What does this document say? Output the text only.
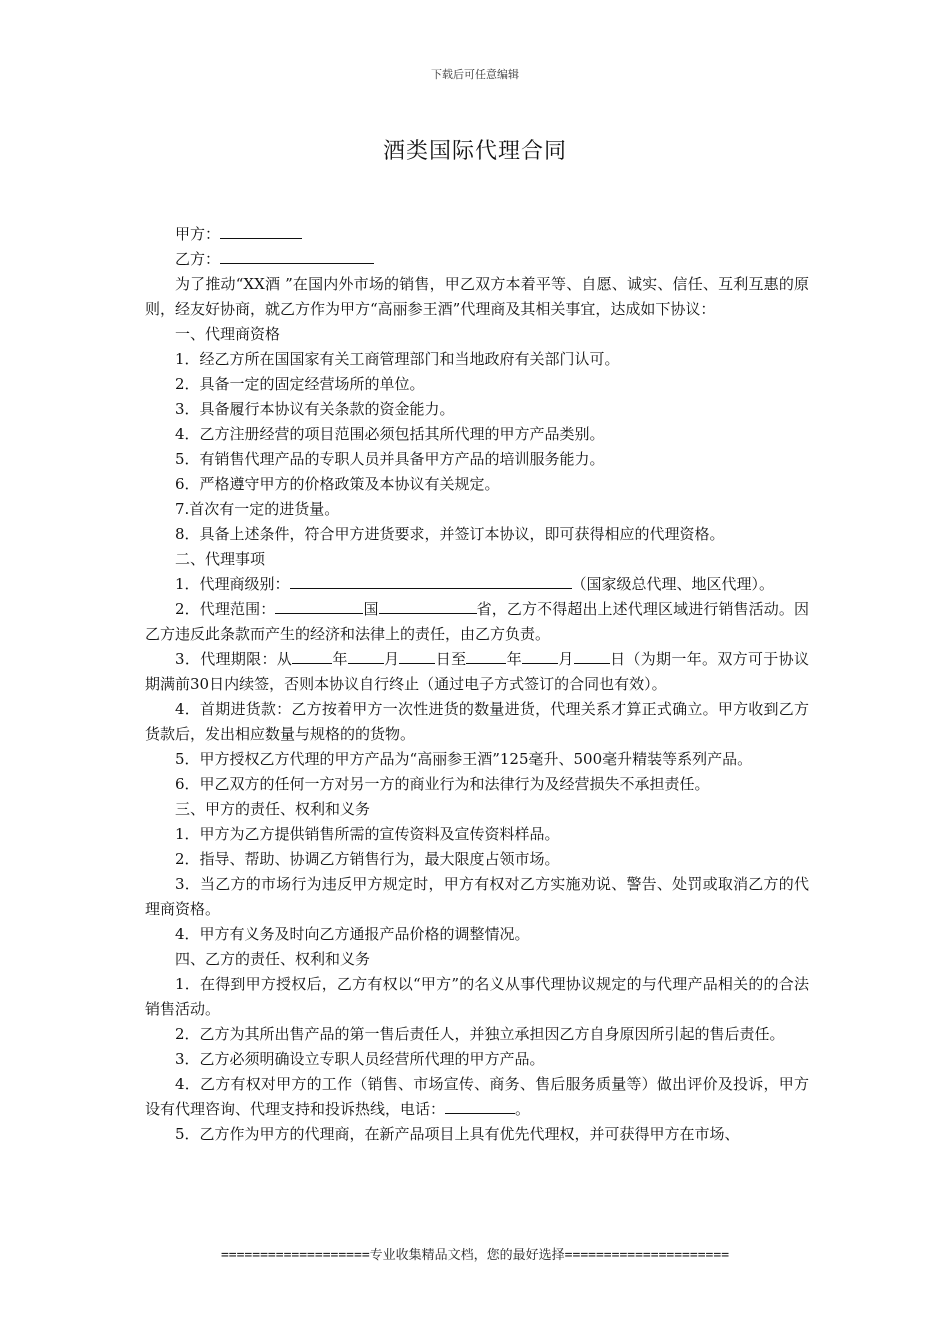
下载后可任意编辑
酒类国际代理合同

甲方：

乙方：

为了推动“XX酒 ”在国内外市场的销售，甲乙双方本着平等、自愿、诚实、信任、互利互惠的原则，经友好协商，就乙方作为甲方“高丽参王酒”代理商及其相关事宜，达成如下协议：

一、代理商资格

1．经乙方所在国国家有关工商管理部门和当地政府有关部门认可。

2．具备一定的固定经营场所的单位。

3．具备履行本协议有关条款的资金能力。

4．乙方注册经营的项目范围必须包括其所代理的甲方产品类别。

5．有销售代理产品的专职人员并具备甲方产品的培训服务能力。

6．严格遵守甲方的价格政策及本协议有关规定。

7.首次有一定的进货量。

8．具备上述条件，符合甲方进货要求，并签订本协议，即可获得相应的代理资格。

二、代理事项

1．代理商级别：	（国家级总代理、地区代理）。

2．代理范围：	国	省，乙方不得超出上述代理区域进行销售活动。因乙方违反此条款而产生的经济和法律上的责任，由乙方负责。

3．代理期限：从	年 月 日至	年 月 日（为期一年。双方可于协议期满前30日内续签，否则本协议自行终止（通过电子方式签订的合同也有效）。

4．首期进货款：乙方按着甲方一次性进货的数量进货，代理关系才算正式确立。甲方收到乙方货款后，发出相应数量与规格的的货物。

5．甲方授权乙方代理的甲方产品为“高丽参王酒”125毫升、500毫升精装等系列产品。

6．甲乙双方的任何一方对另一方的商业行为和法律行为及经营损失不承担责任。

三、甲方的责任、权利和义务

1．甲方为乙方提供销售所需的宣传资料及宣传资料样品。

2．指导、帮助、协调乙方销售行为，最大限度占领市场。

3．当乙方的市场行为违反甲方规定时，甲方有权对乙方实施劝说、警告、处罚或取消乙方的代理商资格。

4．甲方有义务及时向乙方通报产品价格的调整情况。

四、乙方的责任、权利和义务

1．在得到甲方授权后，乙方有权以“甲方”的名义从事代理协议规定的与代理产品相关的的合法销售活动。

2．乙方为其所出售产品的第一售后责任人，并独立承担因乙方自身原因所引起的售后责任。

3．乙方必须明确设立专职人员经营所代理的甲方产品。

4．乙方有权对甲方的工作（销售、市场宣传、商务、售后服务质量等）做出评价及投诉，甲方设有代理咨询、代理支持和投诉热线，电话：	。

5．乙方作为甲方的代理商，在新产品项目上具有优先代理权，并可获得甲方在市场、

===================专业收集精品文档，您的最好选择=====================
